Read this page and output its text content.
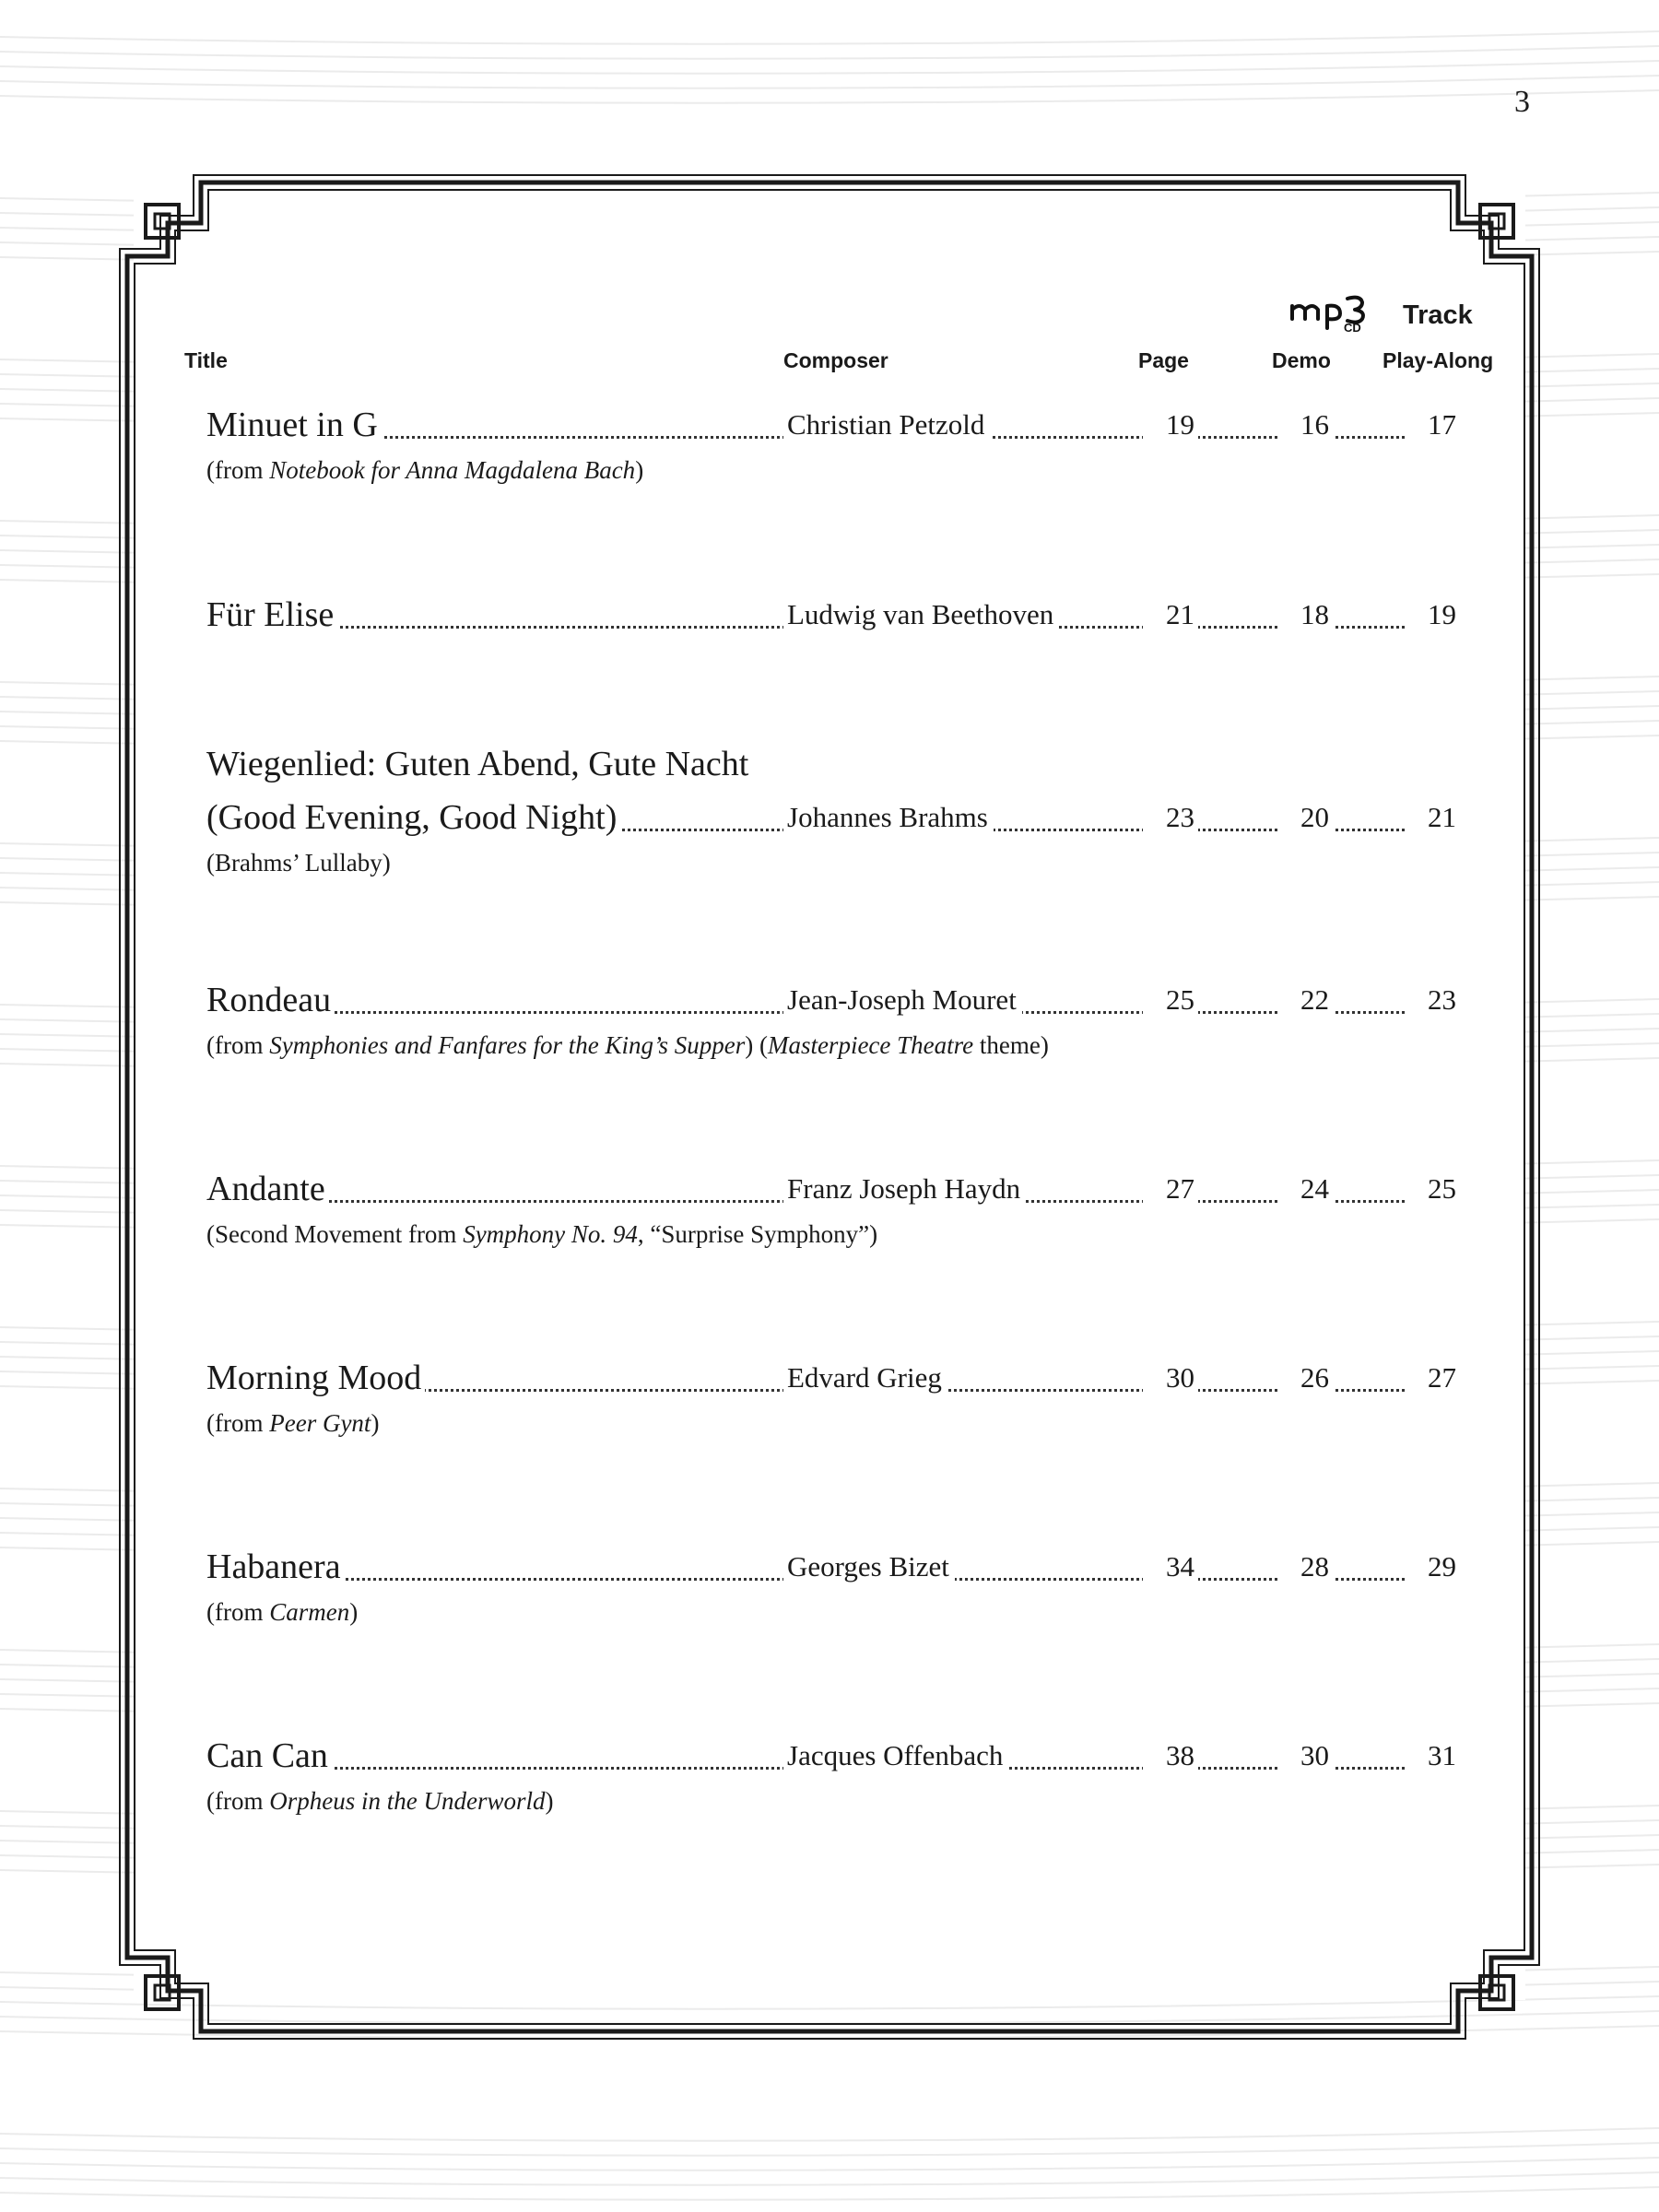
3
CD Track
Title	Composer	Page	Demo Play-Along
Minuet in G	Christian Petzold	19	16	17
(from Notebook for Anna Magdalena Bach)
Für Elise	Ludwig van Beethoven	21	18	19
Wiegenlied: Guten Abend, Gute Nacht
(Good Evening, Good Night)	Johannes Brahms	23	20	21
(Brahms’ Lullaby)
Rondeau	Jean-Joseph Mouret	25	22	23
(from Symphonies and Fanfares for the King’s Supper) (Masterpiece Theatre theme)
Andante	Franz Joseph Haydn	27	24	25
(Second Movement from Symphony No. 94, “Surprise Symphony”)
Morning Mood	Edvard Grieg	30	26	27
(from Peer Gynt)
Habanera	Georges Bizet	34	28	29
(from Carmen)
Can Can	Jacques Offenbach	38	30	31
(from Orpheus in the Underworld)
